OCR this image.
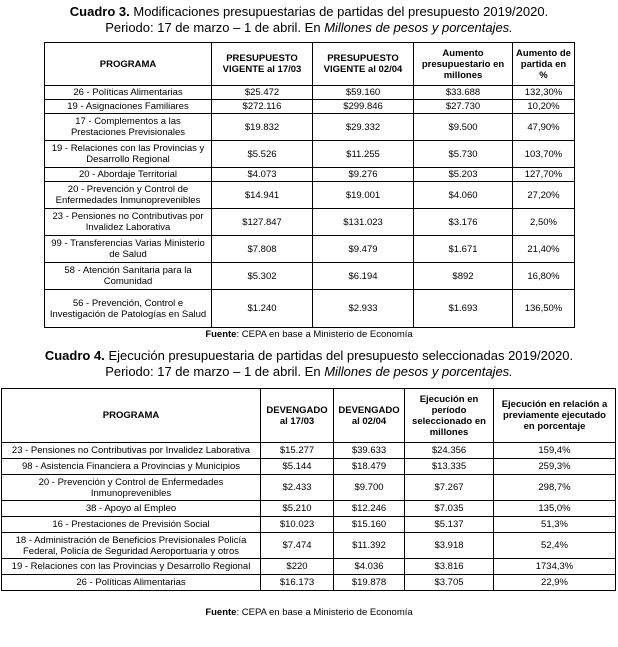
Cuadro 3. Modificaciones presupuestarias de partidas del presupuesto 2019/2020.
Periodo: 17 de marzo – 1 de abril. En Millones de pesos y porcentajes.
PROGRAMA	PRESUPUESTO VIGENTE al 17/03	PRESUPUESTO VIGENTE al 02/04	Aumento presupuestario en millones	Aumento de partida en %
26 - Políticas Alimentarias	$25.472	$59.160	$33.688	132,30%
19 - Asignaciones Familiares	$272.116	$299.846	$27.730	10,20%
17 - Complementos a las Prestaciones Previsionales	$19.832	$29.332	$9.500	47,90%
19 - Relaciones con las Provincias y Desarrollo Regional	$5.526	$11.255	$5.730	103,70%
20 - Abordaje Territorial	$4.073	$9.276	$5.203	127,70%
20 - Prevención y Control de Enfermedades Inmunoprevenibles	$14.941	$19.001	$4.060	27,20%
23 - Pensiones no Contributivas por Invalidez Laborativa	$127.847	$131.023	$3.176	2,50%
99 - Transferencias Varias Ministerio de Salud	$7.808	$9.479	$1.671	21,40%
58 - Atención Sanitaria para la Comunidad	$5.302	$6.194	$892	16,80%
56 - Prevención, Control e Investigación de Patologías en Salud	$1.240	$2.933	$1.693	136,50%
Fuente: CEPA en base a Ministerio de Economía
Cuadro 4. Ejecución presupuestaria de partidas del presupuesto seleccionadas 2019/2020.
Periodo: 17 de marzo – 1 de abril. En Millones de pesos y porcentajes.
PROGRAMA	DEVENGADO al 17/03	DEVENGADO al 02/04	Ejecución en período seleccionado en millones	Ejecución en relación a previamente ejecutado en porcentaje
23 - Pensiones no Contributivas por Invalidez Laborativa	$15.277	$39.633	$24.356	159,4%
98 - Asistencia Financiera a Provincias y Municipios	$5.144	$18.479	$13.335	259,3%
20 - Prevención y Control de Enfermedades Inmunoprevenibles	$2.433	$9.700	$7.267	298,7%
38 - Apoyo al Empleo	$5.210	$12.246	$7.035	135,0%
16 - Prestaciones de Previsión Social	$10.023	$15.160	$5.137	51,3%
18 - Administración de Beneficios Previsionales Policía Federal, Policía de Seguridad Aeroportuaria y otros	$7.474	$11.392	$3.918	52,4%
19 - Relaciones con las Provincias y Desarrollo Regional	$220	$4.036	$3.816	1734,3%
26 - Políticas Alimentarias	$16.173	$19.878	$3.705	22,9%
Fuente: CEPA en base a Ministerio de Economía
